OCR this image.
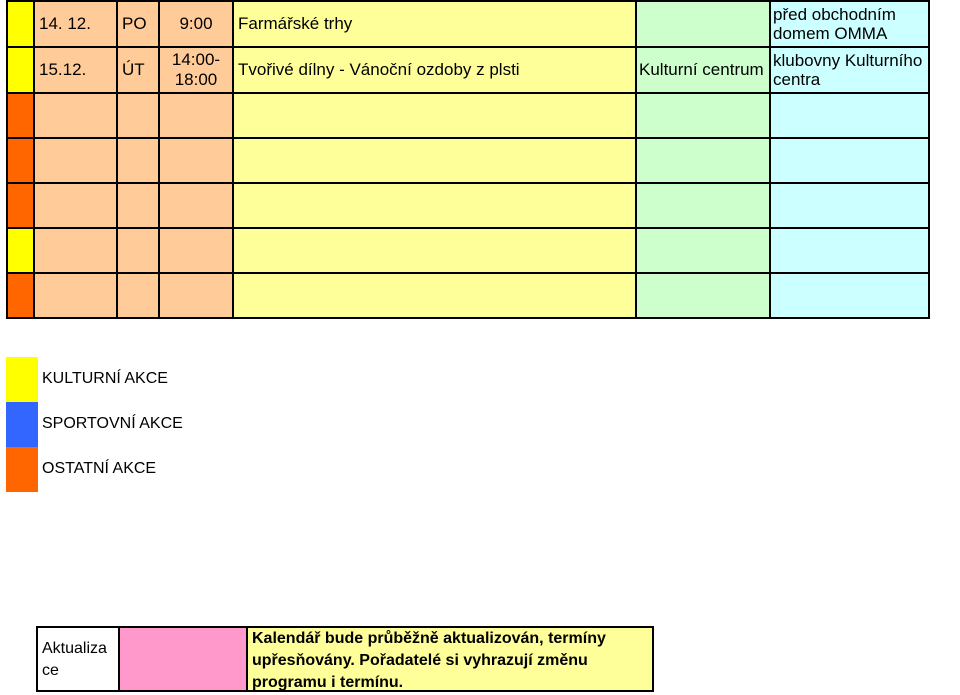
	14. 12.	PO	9:00	Farmářské trhy		před obchodním domem OMMA
	15.12.	ÚT	14:00-18:00	Tvořivé dílny - Vánoční ozdoby z plsti	Kulturní centrum	klubovny Kulturního centra

KULTURNÍ AKCE
SPORTOVNÍ AKCE
OSTATNÍ AKCE
Aktualiza ce
Kalendář bude průběžně aktualizován, termíny upřesňovány. Pořadatelé si vyhrazují změnu programu i termínu.
